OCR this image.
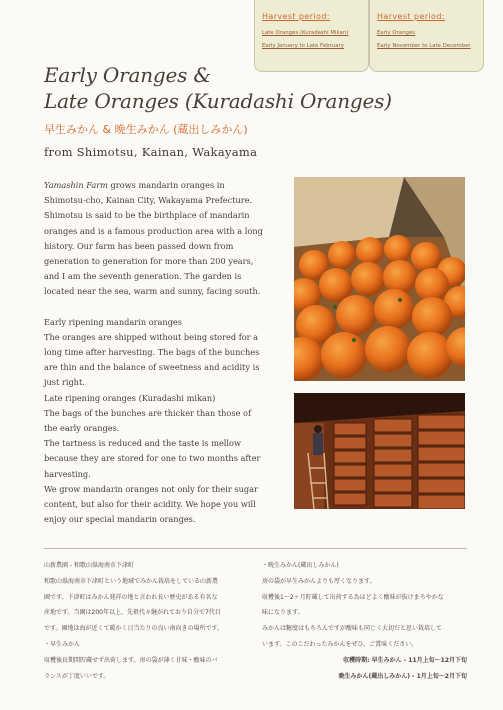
Harvest period:
Late Oranges (Kuradashi Mikan)
Early January to Late February
Harvest period:
Early Oranges
Early November to Late December
Early Oranges &
Late Oranges (Kuradashi Oranges)
早生みかん & 晩生みかん (蔵出しみかん)
from Shimotsu, Kainan, Wakayama

Yamashin Farm grows mandarin oranges in Shimotsu-cho, Kainan City, Wakayama Prefecture. Shimotsu is said to be the birthplace of mandarin oranges and is a famous production area with a long history. Our farm has been passed down from generation to generation for more than 200 years, and I am the seventh generation. The garden is located near the sea, warm and sunny, facing south.

Early ripening mandarin oranges

The oranges are shipped without being stored for a long time after harvesting. The bags of the bunches are thin and the balance of sweetness and acidity is just right.

Late ripening oranges (Kuradashi mikan)

The bags of the bunches are thicker than those of the early oranges.

The tartness is reduced and the taste is mellow because they are stored for one to two months after harvesting.

We grow mandarin oranges not only for their sugar content, but also for their acidity. We hope you will enjoy our special mandarin oranges.

山新農園 - 和歌山県海南市下津町

和歌山県海南市下津町という地域でみかん栽培をしている山新農

園です。下津町はみかん発祥の地と言われ長い歴史がある有名な

産地です。当園は200年以上、先祖代々継がれており自分で7代目

です。園地は海が近くて暖かく日当たりの良い南向きの場所です。

・早生みかん

収穫後長期間貯蔵せず出荷します。房の袋が薄く甘味・酸味のバ

ランスが丁度いいです。

・晩生みかん(蔵出しみかん)

房の袋が早生みかんよりも厚くなります。

収穫後1〜2ヶ月貯蔵して出荷する為ほどよく酸味が抜けまろやかな

味になります。

みかんは糖度はもちろんですが酸味も同じく大切だと思い栽培して

います。このこだわったみかんをぜひ、ご賞味ください。

収穫時期: 早生みかん - 11月上旬〜12月下旬

晩生みかん(蔵出しみかん) - 1月上旬〜2月下旬
